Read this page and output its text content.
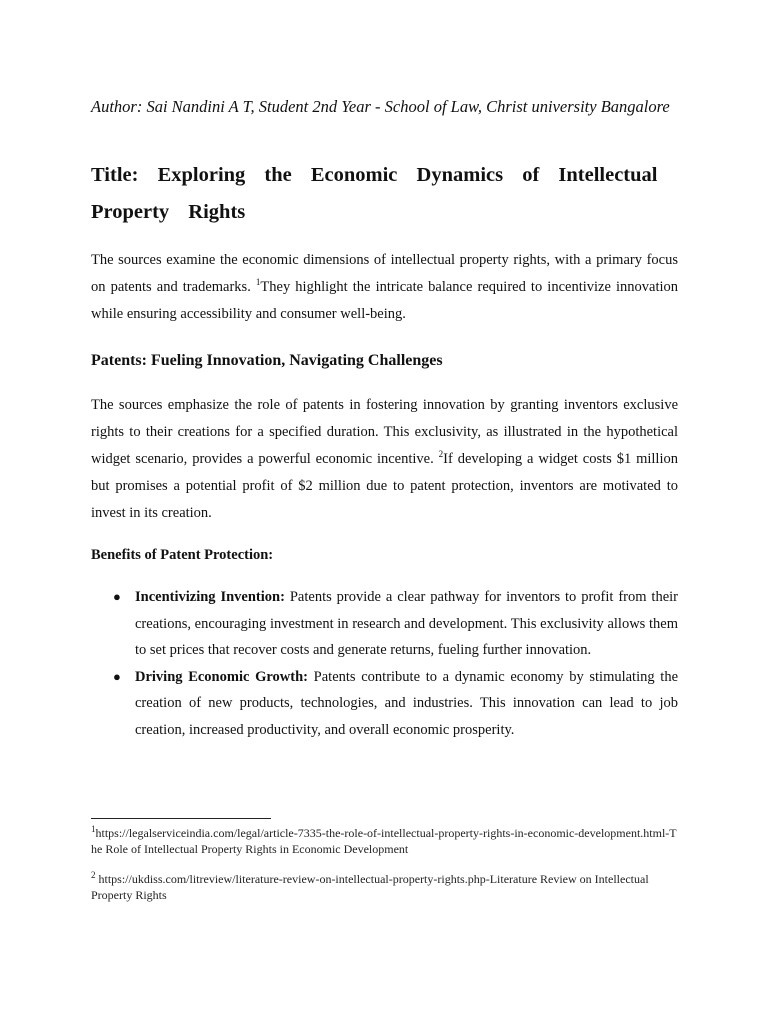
Author: Sai Nandini A T, Student 2nd Year - School of Law, Christ university Bangalore
Title: Exploring the Economic Dynamics of Intellectual Property Rights
The sources examine the economic dimensions of intellectual property rights, with a primary focus on patents and trademarks. $^1$They highlight the intricate balance required to incentivize innovation while ensuring accessibility and consumer well-being.
Patents: Fueling Innovation, Navigating Challenges
The sources emphasize the role of patents in fostering innovation by granting inventors exclusive rights to their creations for a specified duration. This exclusivity, as illustrated in the hypothetical widget scenario, provides a powerful economic incentive. $^2$If developing a widget costs $1 million but promises a potential profit of $2 million due to patent protection, inventors are motivated to invest in its creation.
Benefits of Patent Protection:
● Incentivizing Invention: Patents provide a clear pathway for inventors to profit from their creations, encouraging investment in research and development. This exclusivity allows them to set prices that recover costs and generate returns, fueling further innovation.
● Driving Economic Growth: Patents contribute to a dynamic economy by stimulating the creation of new products, technologies, and industries. This innovation can lead to job creation, increased productivity, and overall economic prosperity.
$^1$https://legalserviceindia.com/legal/article-7335-the-role-of-intellectual-property-rights-in-economic-development.html-The Role of Intellectual Property Rights in Economic Development
$^2$ https://ukdiss.com/litreview/literature-review-on-intellectual-property-rights.php-Literature Review on Intellectual Property Rights
